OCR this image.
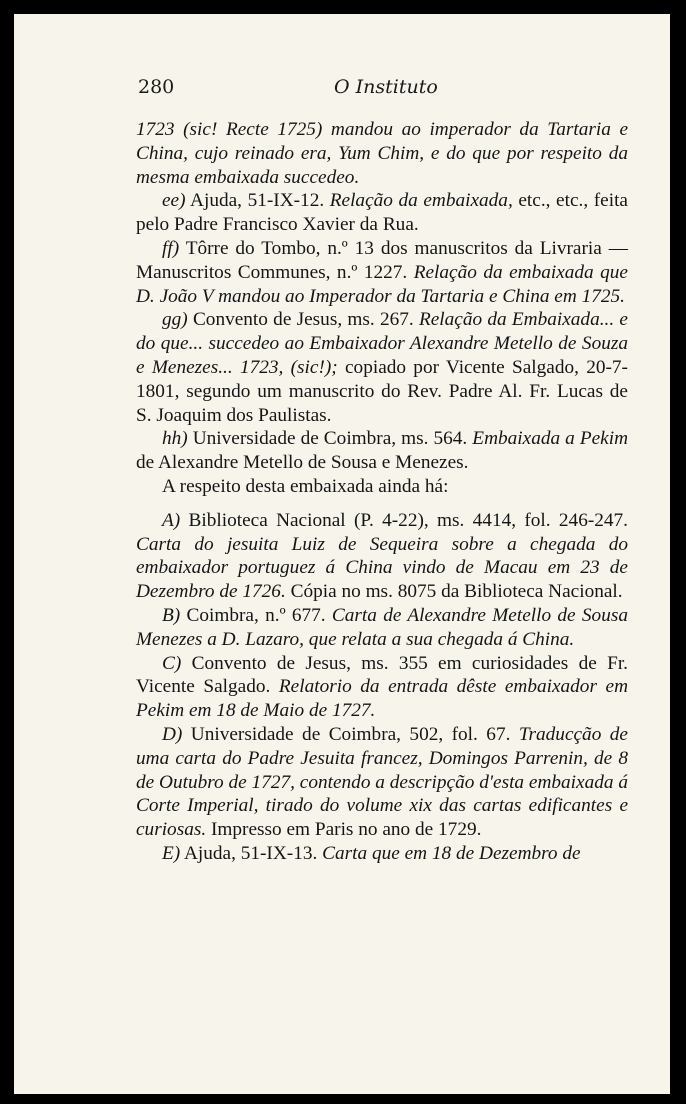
280	O Instituto

1723 (sic! Recte 1725) mandou ao imperador da Tartaria e China, cujo reinado era, Yum Chim, e do que por respeito da mesma embaixada succedeo.

ee) Ajuda, 51-IX-12. Relação da embaixada, etc., etc., feita pelo Padre Francisco Xavier da Rua.

ff) Tôrre do Tombo, n.º 13 dos manuscritos da Livraria — Manuscritos Communes, n.º 1227. Relação da embaixada que D. João V mandou ao Imperador da Tartaria e China em 1725.

gg) Convento de Jesus, ms. 267. Relação da Embaixada... e do que... succedeo ao Embaixador Alexandre Metello de Souza e Menezes... 1723, (sic!); copiado por Vicente Salgado, 20-7-1801, segundo um manuscrito do Rev. Padre Al. Fr. Lucas de S. Joaquim dos Paulistas.

hh) Universidade de Coimbra, ms. 564. Embaixada a Pekim de Alexandre Metello de Sousa e Menezes.

A respeito desta embaixada ainda há:

A) Biblioteca Nacional (P. 4-22), ms. 4414, fol. 246-247. Carta do jesuita Luiz de Sequeira sobre a chegada do embaixador portuguez á China vindo de Macau em 23 de Dezembro de 1726. Cópia no ms. 8075 da Biblioteca Nacional.

B) Coimbra, n.º 677. Carta de Alexandre Metello de Sousa Menezes a D. Lazaro, que relata a sua chegada á China.

C) Convento de Jesus, ms. 355 em curiosidades de Fr. Vicente Salgado. Relatorio da entrada dêste embaixador em Pekim em 18 de Maio de 1727.

D) Universidade de Coimbra, 502, fol. 67. Traducção de uma carta do Padre Jesuita francez, Domingos Parrenin, de 8 de Outubro de 1727, contendo a descripção d'esta embaixada á Corte Imperial, tirado do volume xix das cartas edificantes e curiosas. Impresso em Paris no ano de 1729.

E) Ajuda, 51-IX-13. Carta que em 18 de Dezembro de
